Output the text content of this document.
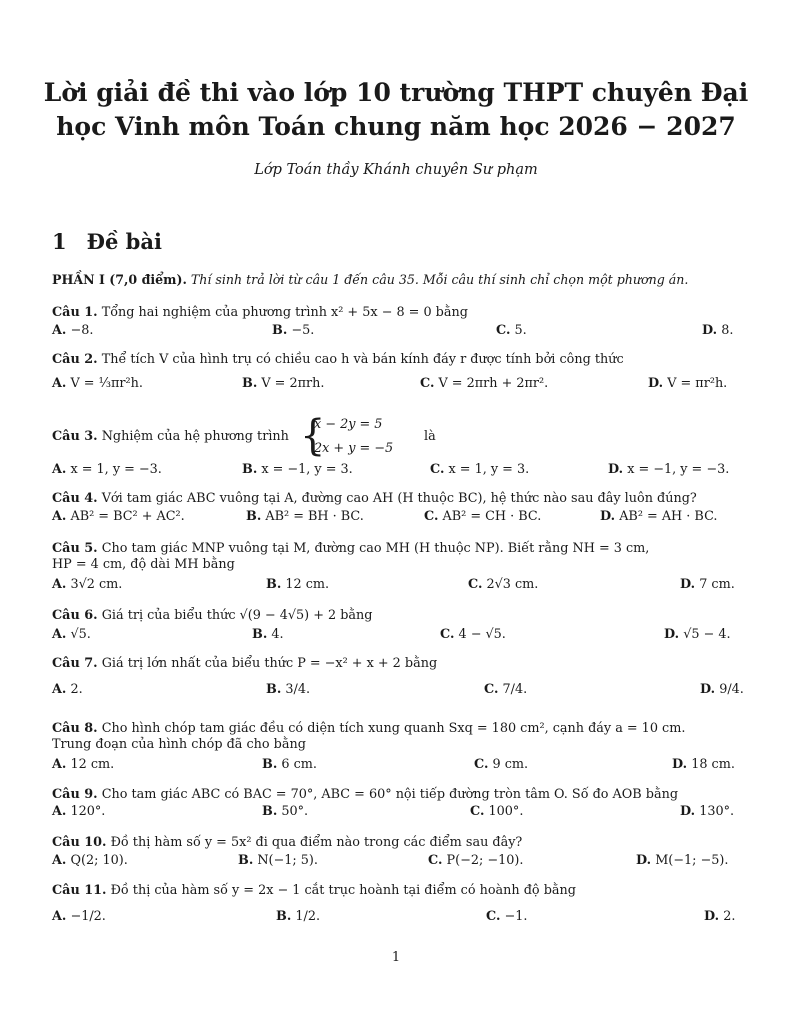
Lời giải đề thi vào lớp 10 trường THPT chuyên Đại
học Vinh môn Toán chung năm học 2026 − 2027
Lớp Toán thầy Khánh chuyên Sư phạm
1 Đề bài
PHẦN I (7,0 điểm). Thí sinh trả lời từ câu 1 đến câu 35. Mỗi câu thí sinh chỉ chọn một phương án.
Câu 1. Tổng hai nghiệm của phương trình x² + 5x − 8 = 0 bằng
A. −8.	B. −5.	C. 5.	D. 8.
Câu 2. Thể tích V của hình trụ có chiều cao h và bán kính đáy r được tính bởi công thức
A. V = ⅓πr²h.	B. V = 2πrh.	C. V = 2πrh + 2πr².	D. V = πr²h.
Câu 3. Nghiệm của hệ phương trình {
x − 2y = 5
2x + y = −5
là
A. x = 1, y = −3.	B. x = −1, y = 3.	C. x = 1, y = 3.	D. x = −1, y = −3.
Câu 4. Với tam giác ABC vuông tại A, đường cao AH (H thuộc BC), hệ thức nào sau đây luôn đúng?
A. AB² = BC² + AC².	B. AB² = BH · BC.	C. AB² = CH · BC.	D. AB² = AH · BC.
Câu 5. Cho tam giác MNP vuông tại M, đường cao MH (H thuộc NP). Biết rằng NH = 3 cm,
HP = 4 cm, độ dài MH bằng
A. 3√2 cm.	B. 12 cm.	C. 2√3 cm.	D. 7 cm.
Câu 6. Giá trị của biểu thức √(9 − 4√5) + 2 bằng
A. √5.	B. 4.	C. 4 − √5.	D. √5 − 4.
Câu 7. Giá trị lớn nhất của biểu thức P = −x² + x + 2 bằng
A. 2.	B. 3/4.	C. 7/4.	D. 9/4.
Câu 8. Cho hình chóp tam giác đều có diện tích xung quanh Sxq = 180 cm², cạnh đáy a = 10 cm.
Trung đoạn của hình chóp đã cho bằng
A. 12 cm.	B. 6 cm.	C. 9 cm.	D. 18 cm.
Câu 9. Cho tam giác ABC có BAC = 70°, ABC = 60° nội tiếp đường tròn tâm O. Số đo AOB bằng
A. 120°.	B. 50°.	C. 100°.	D. 130°.
Câu 10. Đồ thị hàm số y = 5x² đi qua điểm nào trong các điểm sau đây?
A. Q(2; 10).	B. N(−1; 5).	C. P(−2; −10).	D. M(−1; −5).
Câu 11. Đồ thị của hàm số y = 2x − 1 cắt trục hoành tại điểm có hoành độ bằng
A. −1/2.	B. 1/2.	C. −1.	D. 2.
1
